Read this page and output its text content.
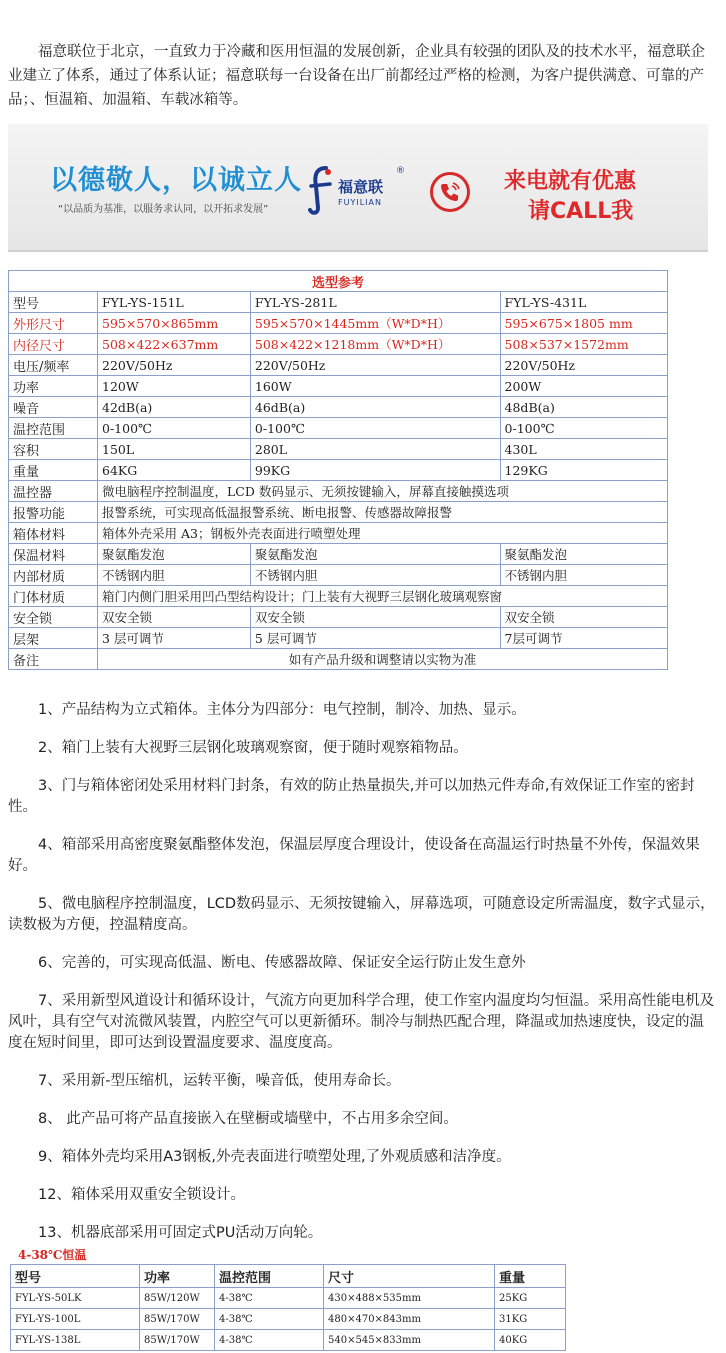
福意联位于北京，一直致力于冷藏和医用恒温的发展创新，企业具有较强的团队及的技术水平，福意联企业建立了体系，通过了体系认证；福意联每一台设备在出厂前都经过严格的检测，为客户提供满意、可靠的产品；、恒温箱、加温箱、车载冰箱等。

以德敬人，以诚立人
“以品质为基准，以服务求认同，以开拓求发展”
福意联
®
FUYILIAN
来电就有优惠
请CALL我
选型参考			
型号	FYL-YS-151L	FYL-YS-281L	FYL-YS-431L
外形尺寸	595×570×865mm	595×570×1445mm（W*D*H）	595×675×1805 mm
内径尺寸	508×422×637mm	508×422×1218mm（W*D*H）	508×537×1572mm
电压/频率	220V/50Hz	220V/50Hz	220V/50Hz
功率	120W	160W	200W
噪音	42dB(a)	46dB(a)	48dB(a)
温控范围	0-100℃	0-100℃	0-100℃
容积	150L	280L	430L
重量	64KG	99KG	129KG
温控器	微电脑程序控制温度，LCD 数码显示、无须按键输入，屏幕直接触摸选项		
报警功能	报警系统，可实现高低温报警系统、断电报警、传感器故障报警		
箱体材料	箱体外壳采用 A3；钢板外壳表面进行喷塑处理		
保温材料	聚氨酯发泡	聚氨酯发泡	聚氨酯发泡
内部材质	不锈钢内胆	不锈钢内胆	不锈钢内胆
门体材质	箱门内侧门胆采用凹凸型结构设计；门上装有大视野三层钢化玻璃观察窗		
安全锁	双安全锁	双安全锁	双安全锁
层架	3 层可调节	5 层可调节	7层可调节
备注	如有产品升级和调整请以实物为准		

1、产品结构为立式箱体。主体分为四部分：电气控制，制冷、加热、显示。

2、箱门上装有大视野三层钢化玻璃观察窗，便于随时观察箱物品。

3、门与箱体密闭处采用材料门封条，有效的防止热量损失,并可以加热元件寿命,有效保证工作室的密封性。

4、箱部采用高密度聚氨酯整体发泡，保温层厚度合理设计，使设备在高温运行时热量不外传，保温效果好。

5、微电脑程序控制温度，LCD数码显示、无须按键输入，屏幕选项，可随意设定所需温度，数字式显示，读数极为方便，控温精度高。

6、完善的，可实现高低温、断电、传感器故障、保证安全运行防止发生意外

7、采用新型风道设计和循环设计，气流方向更加科学合理，使工作室内温度均匀恒温。采用高性能电机及风叶，具有空气对流微风装置，内腔空气可以更新循环。制冷与制热匹配合理，降温或加热速度快，设定的温度在短时间里，即可达到设置温度要求、温度度高。

7、采用新-型压缩机，运转平衡，噪音低，使用寿命长。

8、 此产品可将产品直接嵌入在壁橱或墙壁中，不占用多余空间。

9、箱体外壳均采用A3钢板,外壳表面进行喷塑处理,了外观质感和洁净度。

12、箱体采用双重安全锁设计。

13、机器底部采用可固定式PU活动万向轮。

4-38℃恒温
型号	功率	温控范围	尺寸	重量
FYL-YS-50LK	85W/120W	4-38℃	430×488×535mm	25KG
FYL-YS-100L	85W/170W	4-38℃	480×470×843mm	31KG
FYL-YS-138L	85W/170W	4-38℃	540×545×833mm	40KG
